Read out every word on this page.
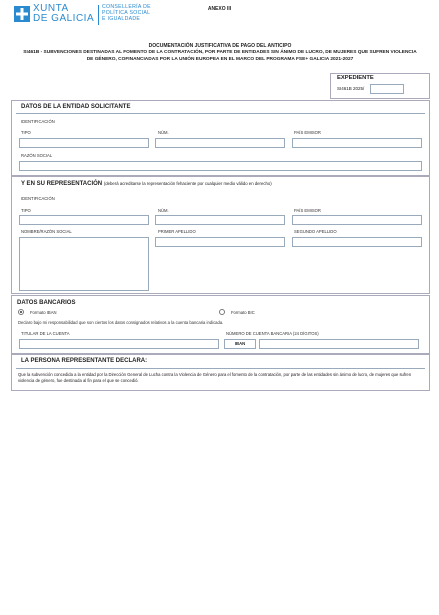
XUNTA
DE GALICIA
CONSELLERÍA DE
POLÍTICA SOCIAL
E IGUALDADE
ANEXO III
DOCUMENTACIÓN JUSTIFICATIVA DE PAGO DEL ANTICIPO
SI461B - SUBVENCIONES DESTINADAS AL FOMENTO DE LA CONTRATACIÓN, POR PARTE DE ENTIDADES SIN ÁNIMO DE LUCRO, DE MUJERES QUE SUFREN VIOLENCIA DE GÉNERO, COFINANCIADAS POR LA UNIÓN EUROPEA EN EL MARCO DEL PROGRAMA FSE+ GALICIA 2021-2027
EXPEDIENTE
SI461B 2025/
DATOS DE LA ENTIDAD SOLICITANTE
IDENTIFICACIÓN
TIPO	NÚM.	PAÍS EMISOR
RAZÓN SOCIAL
Y EN SU REPRESENTACIÓN (deberá acreditarse la representación fehaciente por cualquier medio válido en derecho)
IDENTIFICACIÓN
TIPO	NÚM.	PAÍS EMISOR
NOMBRE/RAZÓN SOCIAL	PRIMER APELLIDO	SEGUNDO APELLIDO
DATOS BANCARIOS
Formato IBAN	Formato BIC
Declaro bajo mi responsabilidad que son ciertos los datos consignados relativos a la cuenta bancaria indicada.
TITULAR DE LA CUENTA	NÚMERO DE CUENTA BANCARIA (24 DÍGITOS)
IBAN
LA PERSONA REPRESENTANTE DECLARA:
Que la subvención concedida a la entidad por la Dirección General de Lucha contra la Violencia de Género para el fomento de la contratación, por parte de las entidades sin ánimo de lucro, de mujeres que sufren violencia de género, fue destinada al fin para el que se concedió.
